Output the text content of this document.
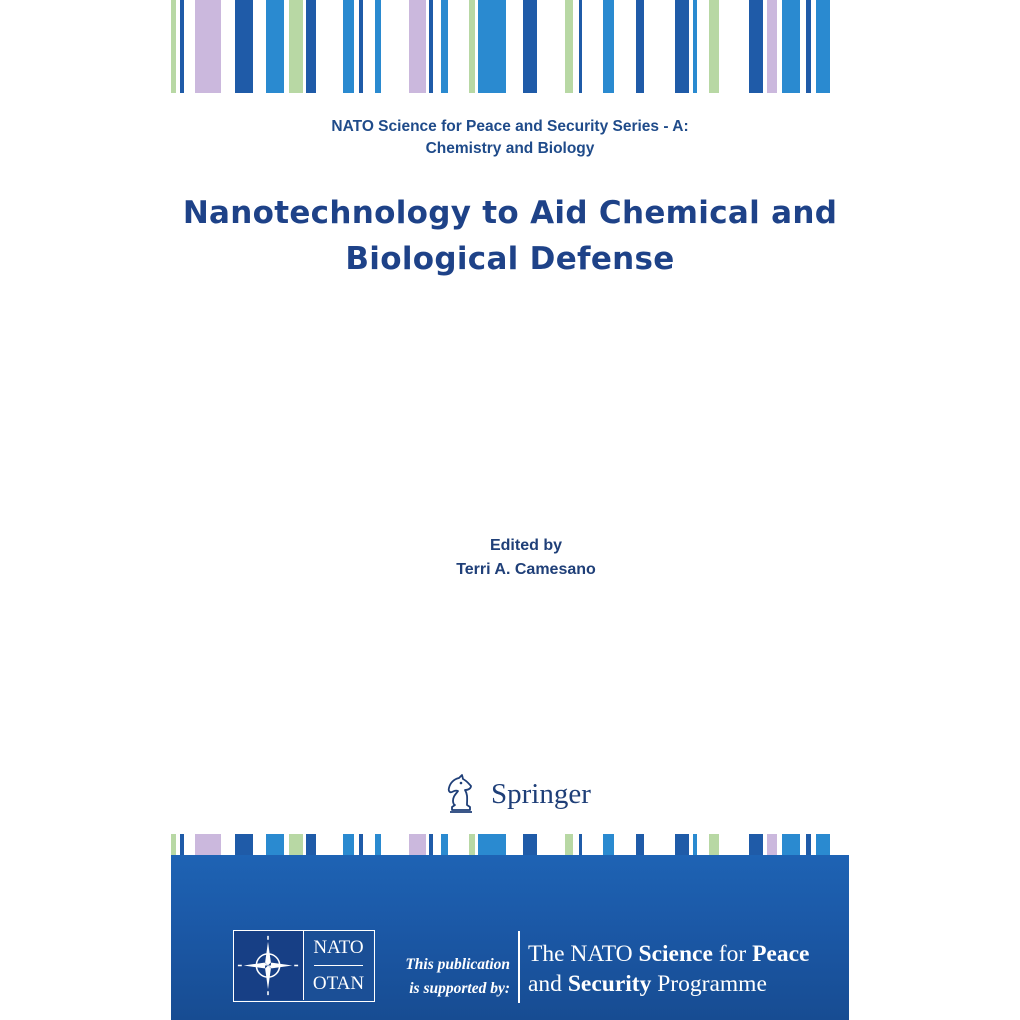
NATO Science for Peace and Security Series - A:
Chemistry and Biology
Nanotechnology to Aid Chemical and
Biological Defense
Edited by
Terri A. Camesano
Springer
NATO
OTAN
This publication
is supported by:
The NATO Science for Peace
and Security Programme
